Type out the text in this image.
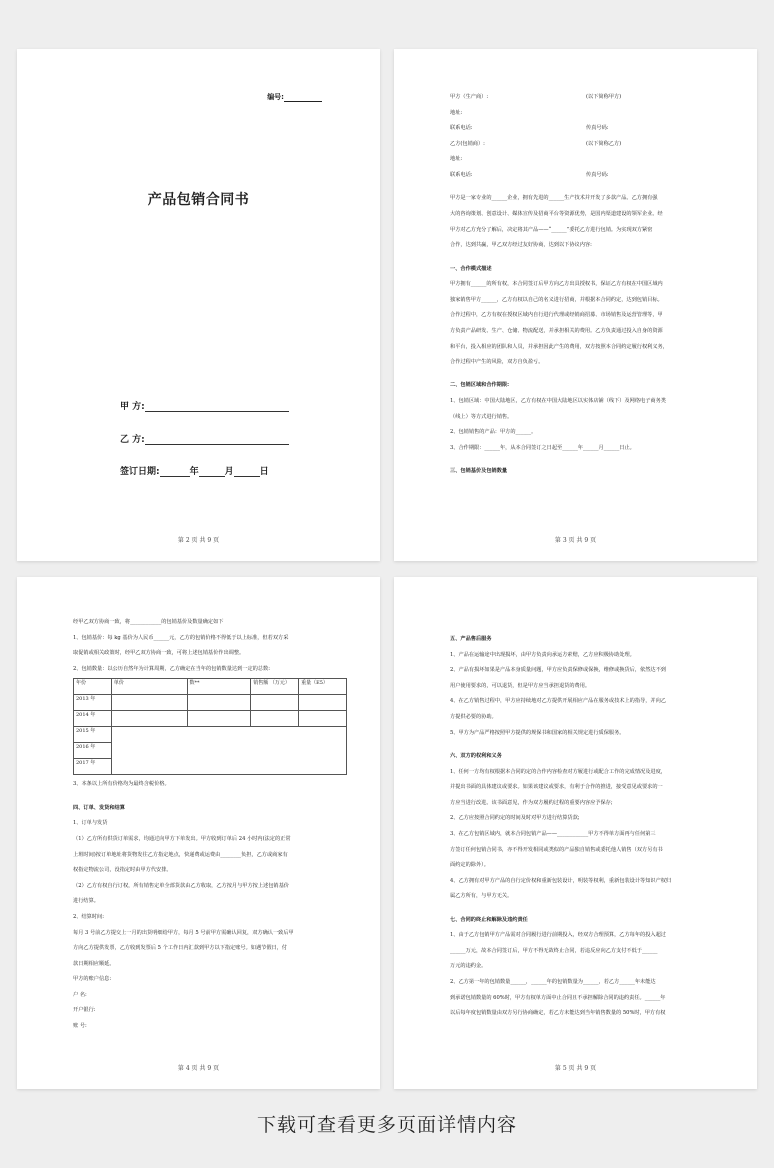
编号:
产品包销合同书
甲 方:
乙 方:
签订日期:	年	月	日
第 2 页 共 9 页
甲方（生产商）:	(以下简称甲方)

地址:

联系电话:	传真号码:
乙方(包销商）:	(以下简称乙方)

地址:

联系电话:	传真号码:

甲方是一家专业的______企业，拥有先进的______生产技术并开发了多款产品。乙方拥有强

大的咨询策划、创意设计、媒体宣传及招商平台等资源优势，是国内渠道建设的领军企业。经

甲方对乙方充分了解后，决定将其产品——“______”委托乙方进行包销。为实现双方紧密

合作，达到共赢，甲乙双方经过友好协商，达到以下协议内容:

一、合作模式描述

甲方拥有______的所有权，本合同签订后甲方向乙方出具授权书，保证乙方有权在中国区域内

独家销售甲方______，乙方有权以自己的名义进行招商，并根据本合同约定，达到包销目标。

合作过程中，乙方有权在授权区域内自行进行代理或经销商招募、市场销售及运营管理等，甲

方负责产品研发、生产、仓储、物流配送，并承担相关的费用。乙方负责通过投入自身的资源

和平台，投入相应的团队和人员，并承担因此产生的费用，双方按照本合同约定履行权利义务，

合作过程中产生的风险，双方自负盈亏。

二、包销区域和合作期限:

1、包销区域：中国大陆地区，乙方有权在中国大陆地区以实体店铺（线下）及网络电子商务类

（线上）等方式进行销售。

2、包销销售的产品：甲方的______。

3、合作期限：______年，从本合同签订之日起至______年______月______日止。

三、包销基价及包销数量

第 3 页 共 9 页

经甲乙双方协商一致，将____________的包销基价及数量确定如下

1、包销基价：每 kg 基价为人民币______元，乙方的包销价格不得低于以上标准，但若双方采

取促销或相关政策时，经甲乙双方协商一致，可将上述包销基价作出调整。

2、包销数量：以公历自然年为计算周期，乙方确定在当年的包销数量达到一定的总数:

年份	单价	数**	销售额 （万元）	重量（E5）
2013 年				
2014 年				
2015 年				
2016 年				
2017 年				

3、本条以上所有价格均为最终含税价格。

四、订单、发货和结算

1、订单与发货

（1）乙方所有供货订单需求，均通过向甲方下单发出。甲方收到订单后 24 小时内(法定的正常

上班时间)按订单地址将货物发往乙方指定地点，快递费或运费由________负担，乙方或商家有

权指定物流公司，没指定时由甲方代安排。

（2）乙方有权自行订权，所有销售定单全部货款由乙方收取，乙方按月与甲方按上述包销基价

进行结算。

2、结算时间:

每月 3 号前乙方提交上一月的出货明细给甲方，每月 5 号前甲方需确认回复，双方确认一致后甲

方向乙方提供发票，乙方收到发票后 5 个工作日内汇款到甲方以下指定账号。如遇节假日，付

款日期相应顺延。

甲方的账户信息:

户 名:

开户银行:

账 号:

第 4 页 共 9 页

五、产品售后服务

1、产品在运输途中出现损坏，由甲方负责向承运方索赔，乙方应积极协助处理。

2、产品有损坏如果是产品本身质量问题，甲方应负责保修或保换，维修或换货后，依然达不到

用户使用要求的，可以退货，但是甲方应当承担退货的费用。

4、在乙方销售过程中，甲方应持续地对乙方提供开展相应产品在服务或技术上的指导，并向乙

方提供必要的协助。

5、甲方为产品严格按照甲方提供的规保书和国家的相关规定进行质保服务。

六、双方的权利和义务

1、任何一方均有权根据本合同的定的合作内容检查对方履进行或配合工作的完成情况及进度，

并提出书面的具体建议或要求。如果该建议或要求，有利于合作的推进，接受意见或要求的一

方应当进行改进。该书面意见，作为双方履约过程的重要内容应予保存;

2、乙方应按照合同约定的时间及时对甲方进行结算货款;

3、在乙方包销区域内，就本合同包销产品——____________甲方不得单方面再与任何第三

方签订任何包销合同书，亦不得开发相同或类似的产品独自销售或委托他人销售（双方另有书

面约定的除外）。

4、乙方拥有对甲方产品的自行定价权和重新包装设计，明装等权利，重新包装设计等知识产权归

属乙方所有，与甲方无关。

七、合同的终止和解除及违约责任

1、由于乙方包销甲方产品需对合同履行进行前期投入，经双方合理预算，乙方每年的投入超过

______万元，故本合同签订后，甲方不得无故终止合同，若违反应向乙方支付不低于______

万元的违约金。

2、乙方第一年的包销数量______，______年的包销数量为______，若乙方______年未能达

到承诺包销数量的 60%时，甲方有权单方面中止合同且不承担解除合同的违约责任。______年

以后每年度包销数量由双方另行协商确定，若乙方未能达到当年销售数量的 50%时，甲方有权

第 5 页 共 9 页
下载可查看更多页面详情内容
